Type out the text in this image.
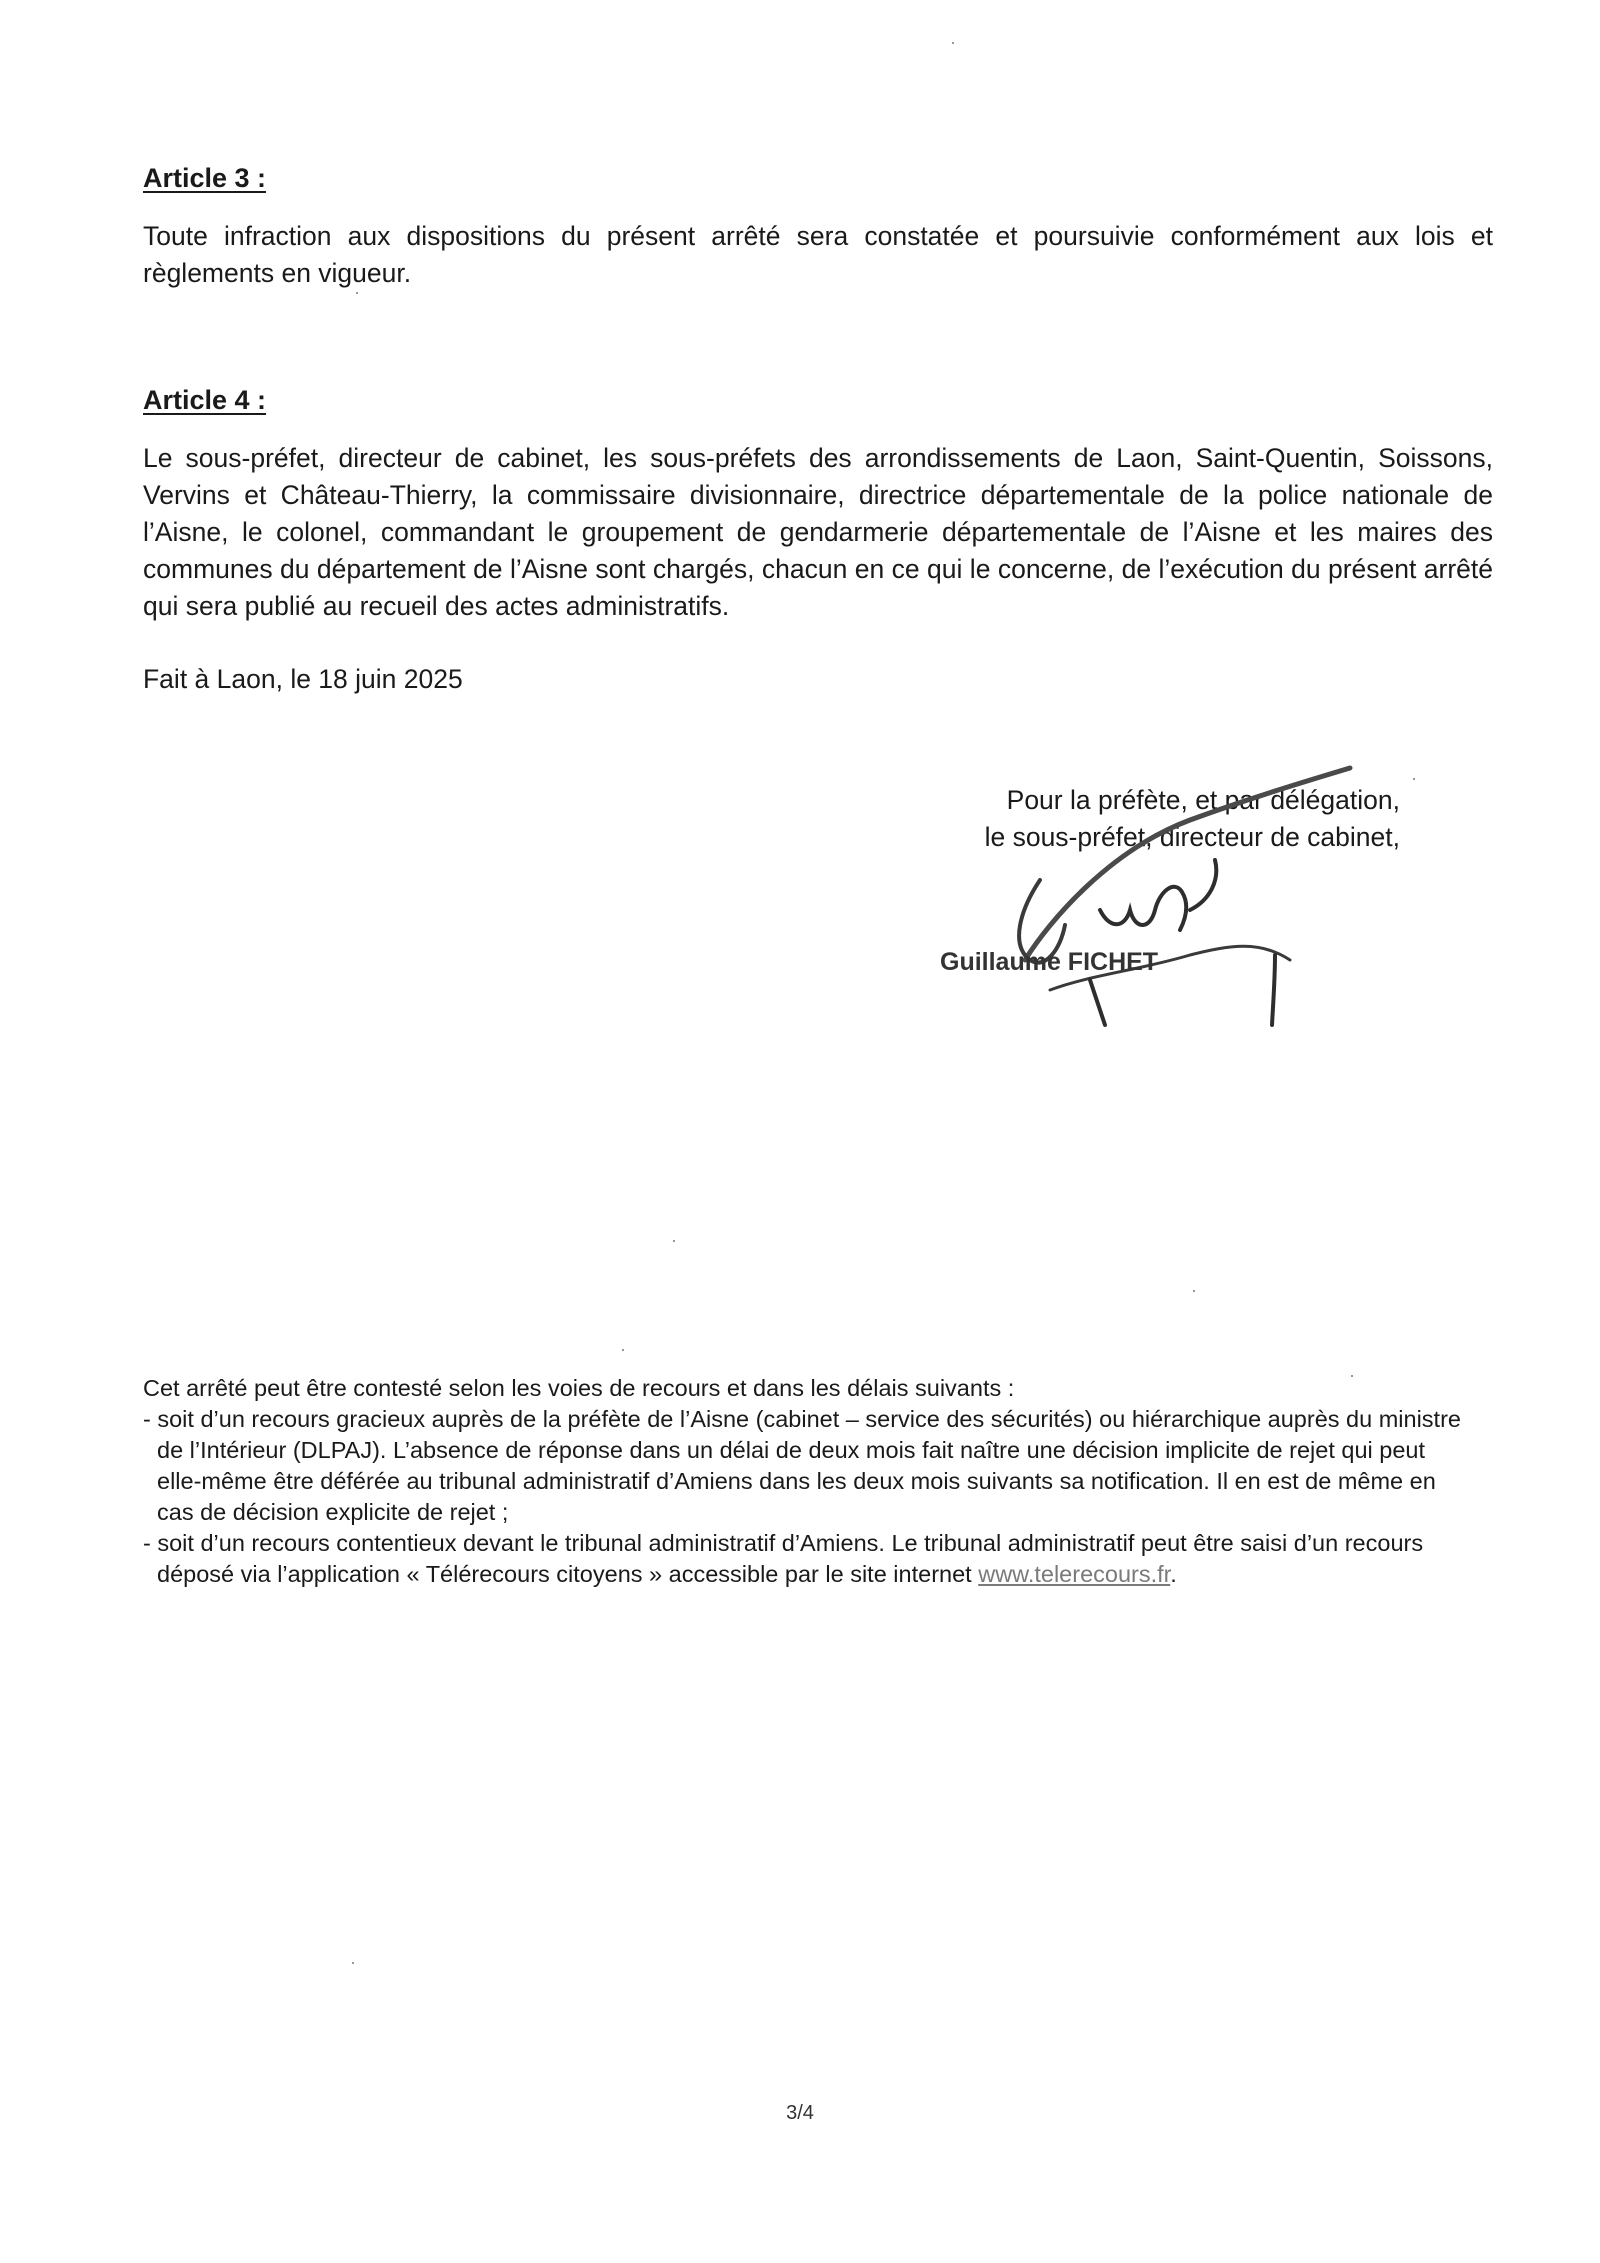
Article 3 :

Toute infraction aux dispositions du présent arrêté sera constatée et poursuivie conformément aux lois et règlements en vigueur.

Article 4 :

Le sous-préfet, directeur de cabinet, les sous-préfets des arrondissements de Laon, Saint-Quentin, Soissons, Vervins et Château-Thierry, la commissaire divisionnaire, directrice départementale de la police nationale de l’Aisne, le colonel, commandant le groupement de gendarmerie départementale de l’Aisne et les maires des communes du département de l’Aisne sont chargés, chacun en ce qui le concerne, de l’exécution du présent arrêté qui sera publié au recueil des actes administratifs.

Fait à Laon, le 18 juin 2025
Pour la préfète, et par délégation,
le sous-préfet, directeur de cabinet,
Guillaume FICHET

Cet arrêté peut être contesté selon les voies de recours et dans les délais suivants :

- soit d’un recours gracieux auprès de la préfète de l’Aisne (cabinet – service des sécurités) ou hiérarchique auprès du ministre de l’Intérieur (DLPAJ). L’absence de réponse dans un délai de deux mois fait naître une décision implicite de rejet qui peut elle-même être déférée au tribunal administratif d’Amiens dans les deux mois suivants sa notification. Il en est de même en cas de décision explicite de rejet ;

- soit d’un recours contentieux devant le tribunal administratif d’Amiens. Le tribunal administratif peut être saisi d’un recours déposé via l’application « Télérecours citoyens » accessible par le site internet www.telerecours.fr.

3/4
